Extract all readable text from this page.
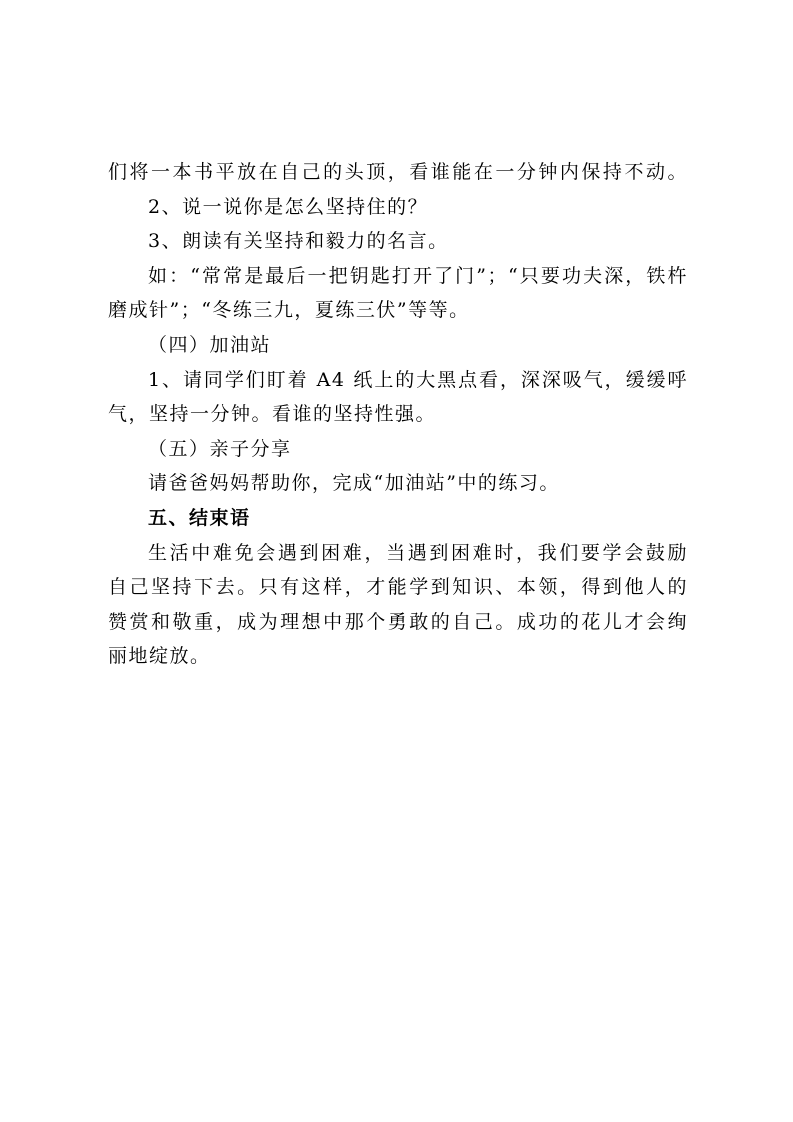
们将一本书平放在自己的头顶，看谁能在一分钟内保持不动。
2、说一说你是怎么坚持住的？
3、朗读有关坚持和毅力的名言。
如：“常常是最后一把钥匙打开了门”；“只要功夫深，铁杵
磨成针”；“冬练三九，夏练三伏”等等。
（四）加油站
1、请同学们盯着 A4 纸上的大黑点看，深深吸气，缓缓呼
气，坚持一分钟。看谁的坚持性强。
（五）亲子分享
请爸爸妈妈帮助你，完成“加油站”中的练习。
五、结束语
生活中难免会遇到困难，当遇到困难时，我们要学会鼓励
自己坚持下去。只有这样，才能学到知识、本领，得到他人的
赞赏和敬重，成为理想中那个勇敢的自己。成功的花儿才会绚
丽地绽放。
